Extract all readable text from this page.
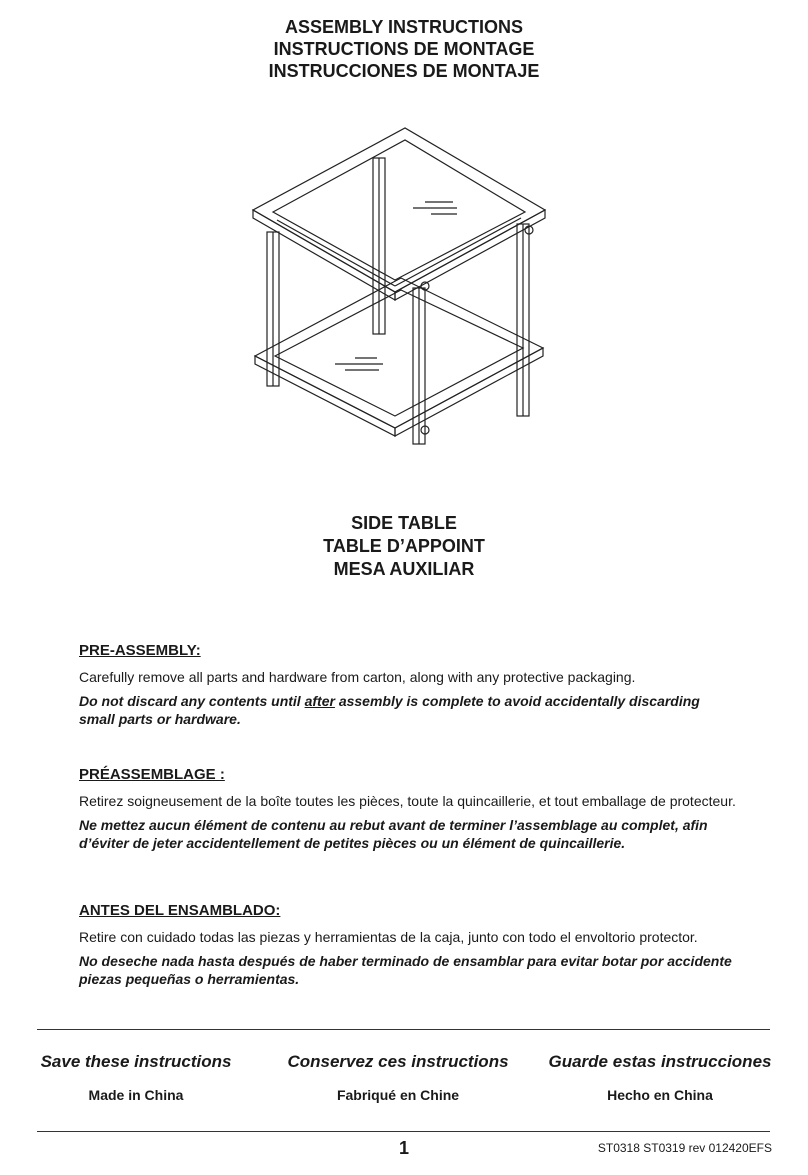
ASSEMBLY INSTRUCTIONS
INSTRUCTIONS DE MONTAGE
INSTRUCCIONES DE MONTAJE
SIDE TABLE
TABLE D’APPOINT
MESA AUXILIAR
PRE-ASSEMBLY:
Carefully remove all parts and hardware from carton, along with any protective packaging.
Do not discard any contents until after assembly is complete to avoid accidentally discarding small parts or hardware.
PRÉASSEMBLAGE :
Retirez soigneusement de la boîte toutes les pièces, toute la quincaillerie, et tout emballage de protecteur.
Ne mettez aucun élément de contenu au rebut avant de terminer l’assemblage au complet, afin d’éviter de jeter accidentellement de petites pièces ou un élément de quincaillerie.
ANTES DEL ENSAMBLADO:
Retire con cuidado todas las piezas y herramientas de la caja, junto con todo el envoltorio protector.
No deseche nada hasta después de haber terminado de ensamblar para evitar botar por accidente piezas pequeñas o herramientas.
Save these instructions
Made in China
Conservez ces instructions
Fabriqué en Chine
Guarde estas instrucciones
Hecho en China
1	ST0318 ST0319 rev 012420EFS
